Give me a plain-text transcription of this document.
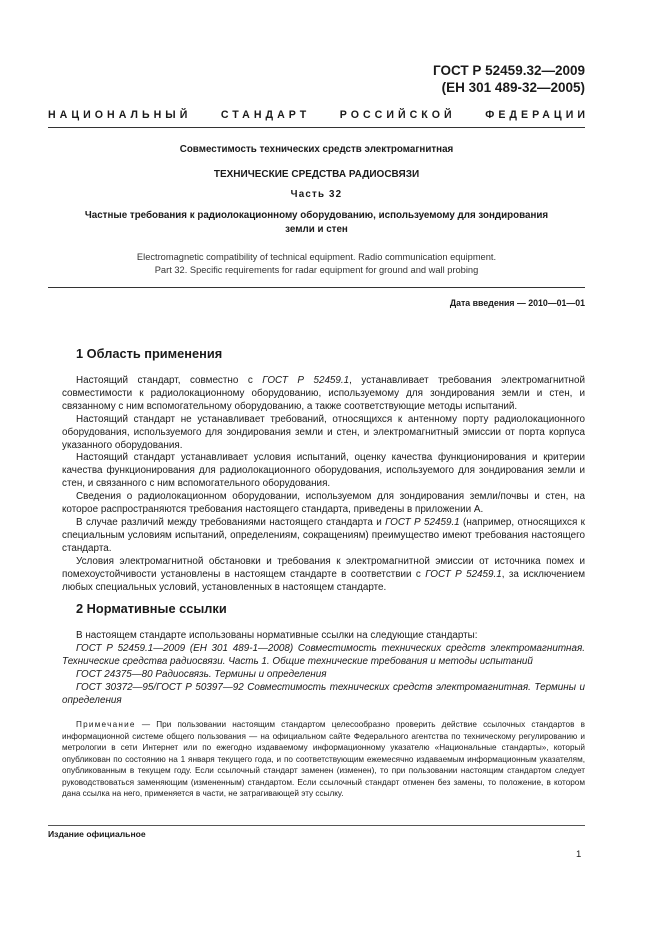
ГОСТ Р 52459.32—2009
(ЕН 301 489-32—2005)
НАЦИОНАЛЬНЫЙ	СТАНДАРТ	РОССИЙСКОЙ	ФЕДЕРАЦИИ
Совместимость технических средств электромагнитная
ТЕХНИЧЕСКИЕ СРЕДСТВА РАДИОСВЯЗИ
Часть 32
Частные требования к радиолокационному оборудованию, используемому для зондирования
земли и стен
Electromagnetic compatibility of technical equipment. Radio communication equipment.
Part 32. Specific requirements for radar equipment for ground and wall probing
Дата введения — 2010—01—01
1 Область применения

Настоящий стандарт, совместно с ГОСТ Р 52459.1, устанавливает требования электромагнитной совместимости к радиолокационному оборудованию, используемому для зондирования земли и стен, и связанному с ним вспомогательному оборудованию, а также соответствующие методы испытаний.

Настоящий стандарт не устанавливает требований, относящихся к антенному порту радиолокационного оборудования, используемого для зондирования земли и стен, и электромагнитный эмиссии от порта корпуса указанного оборудования.

Настоящий стандарт устанавливает условия испытаний, оценку качества функционирования и критерии качества функционирования для радиолокационного оборудования, используемого для зондирования земли и стен, и связанного с ним вспомогательного оборудования.

Сведения о радиолокационном оборудовании, используемом для зондирования земли/почвы и стен, на которое распространяются требования настоящего стандарта, приведены в приложении А.

В случае различий между требованиями настоящего стандарта и ГОСТ Р 52459.1 (например, относящихся к специальным условиям испытаний, определениям, сокращениям) преимущество имеют требования настоящего стандарта.

Условия электромагнитной обстановки и требования к электромагнитной эмиссии от источника помех и помехоустойчивости установлены в настоящем стандарте в соответствии с ГОСТ Р 52459.1, за исключением любых специальных условий, установленных в настоящем стандарте.

2 Нормативные ссылки

В настоящем стандарте использованы нормативные ссылки на следующие стандарты:

ГОСТ Р 52459.1—2009 (ЕН 301 489-1—2008) Совместимость технических средств электромагнитная. Технические средства радиосвязи. Часть 1. Общие технические требования и методы испытаний

ГОСТ 24375—80 Радиосвязь. Термины и определения

ГОСТ 30372—95/ГОСТ Р 50397—92 Совместимость технических средств электромагнитная. Термины и определения

Примечание — При пользовании настоящим стандартом целесообразно проверить действие ссылочных стандартов в информационной системе общего пользования — на официальном сайте Федерального агентства по техническому регулированию и метрологии в сети Интернет или по ежегодно издаваемому информационному указателю «Национальные стандарты», который опубликован по состоянию на 1 января текущего года, и по соответствующим ежемесячно издаваемым информационным указателям, опубликованным в текущем году. Если ссылочный стандарт заменен (изменен), то при пользовании настоящим стандартом следует руководствоваться заменяющим (измененным) стандартом. Если ссылочный стандарт отменен без замены, то положение, в котором дана ссылка на него, применяется в части, не затрагивающей эту ссылку.
Издание официальное
1
